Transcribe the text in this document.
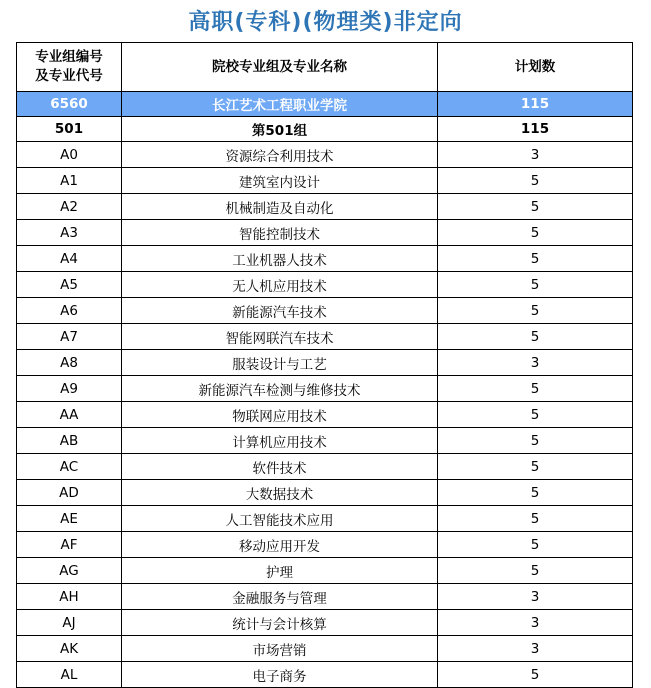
高职(专科)(物理类)非定向
专业组编号
及专业代号	院校专业组及专业名称	计划数
6560	长江艺术工程职业学院	115
501	第501组	115
A0	资源综合利用技术	3
A1	建筑室内设计	5
A2	机械制造及自动化	5
A3	智能控制技术	5
A4	工业机器人技术	5
A5	无人机应用技术	5
A6	新能源汽车技术	5
A7	智能网联汽车技术	5
A8	服装设计与工艺	3
A9	新能源汽车检测与维修技术	5
AA	物联网应用技术	5
AB	计算机应用技术	5
AC	软件技术	5
AD	大数据技术	5
AE	人工智能技术应用	5
AF	移动应用开发	5
AG	护理	5
AH	金融服务与管理	3
AJ	统计与会计核算	3
AK	市场营销	3
AL	电子商务	5
